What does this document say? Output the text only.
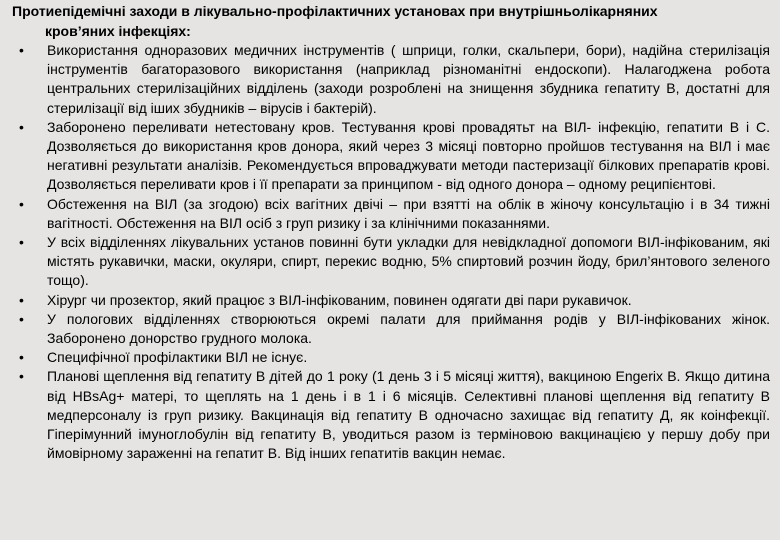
Протиепідемічні заходи в лікувально-профілактичних установах при внутрішньолікарняних
кров’яних інфекціях:

• Використання одноразових медичних інструментів ( шприци, голки, скальпери, бори), надійна стерилізація інструментів багаторазового використання (наприклад різноманітні ендоскопи). Налагоджена робота центральних стерилізаційних відділень (заходи розроблені на знищення збудника гепатиту В, достатні для стерилізації від іших збудників – вірусів і бактерій).
• Заборонено переливати нетестовану кров. Тестування крові провадятьт на ВІЛ- інфекцію, гепатити В і С. Дозволяється до використання кров донора, який через 3 місяці повторно пройшов тестування на ВІЛ і має негативні результати аналізів. Рекомендується впроваджувати методи пастеризації білкових препаратів крові. Дозволяється переливати кров і її препарати за принципом - від одного донора – одному реципієнтові.
• Обстеження на ВІЛ (за згодою) всіх вагітних двічі – при взятті на облік в жіночу консультацію і в 34 тижні вагітності. Обстеження на ВІЛ осіб з груп ризику і за клінічними показаннями.
• У всіх відділеннях лікувальних установ повинні бути укладки для невідкладної допомоги ВІЛ-інфікованим, які містять рукавички, маски, окуляри, спирт, перекис водню, 5% спиртовий розчин йоду, брил’янтового зеленого тощо).
• Хірург чи прозектор, який працює з ВІЛ-інфікованим, повинен одягати дві пари рукавичок.
• У пологових відділеннях створюються окремі палати для приймання родів у ВІЛ-інфікованих жінок. Заборонено донорство грудного молока.
• Специфічної профілактики ВІЛ не існує.
• Планові щеплення від гепатиту В дітей до 1 року (1 день 3 і 5 місяці життя), вакциною Engerix B. Якщо дитина від HBsAg+ матері, то щеплять на 1 день і в 1 і 6 місяців. Селективні планові щеплення від гепатиту В медперсоналу із груп ризику. Вакцинація від гепатиту В одночасно захищає від гепатиту Д, як коінфекції. Гіперімунний імуноглобулін від гепатиту В, уводиться разом із терміновою вакцинацією у першу добу при ймовірному зараженні на гепатит В. Від інших гепатитів вакцин немає.
